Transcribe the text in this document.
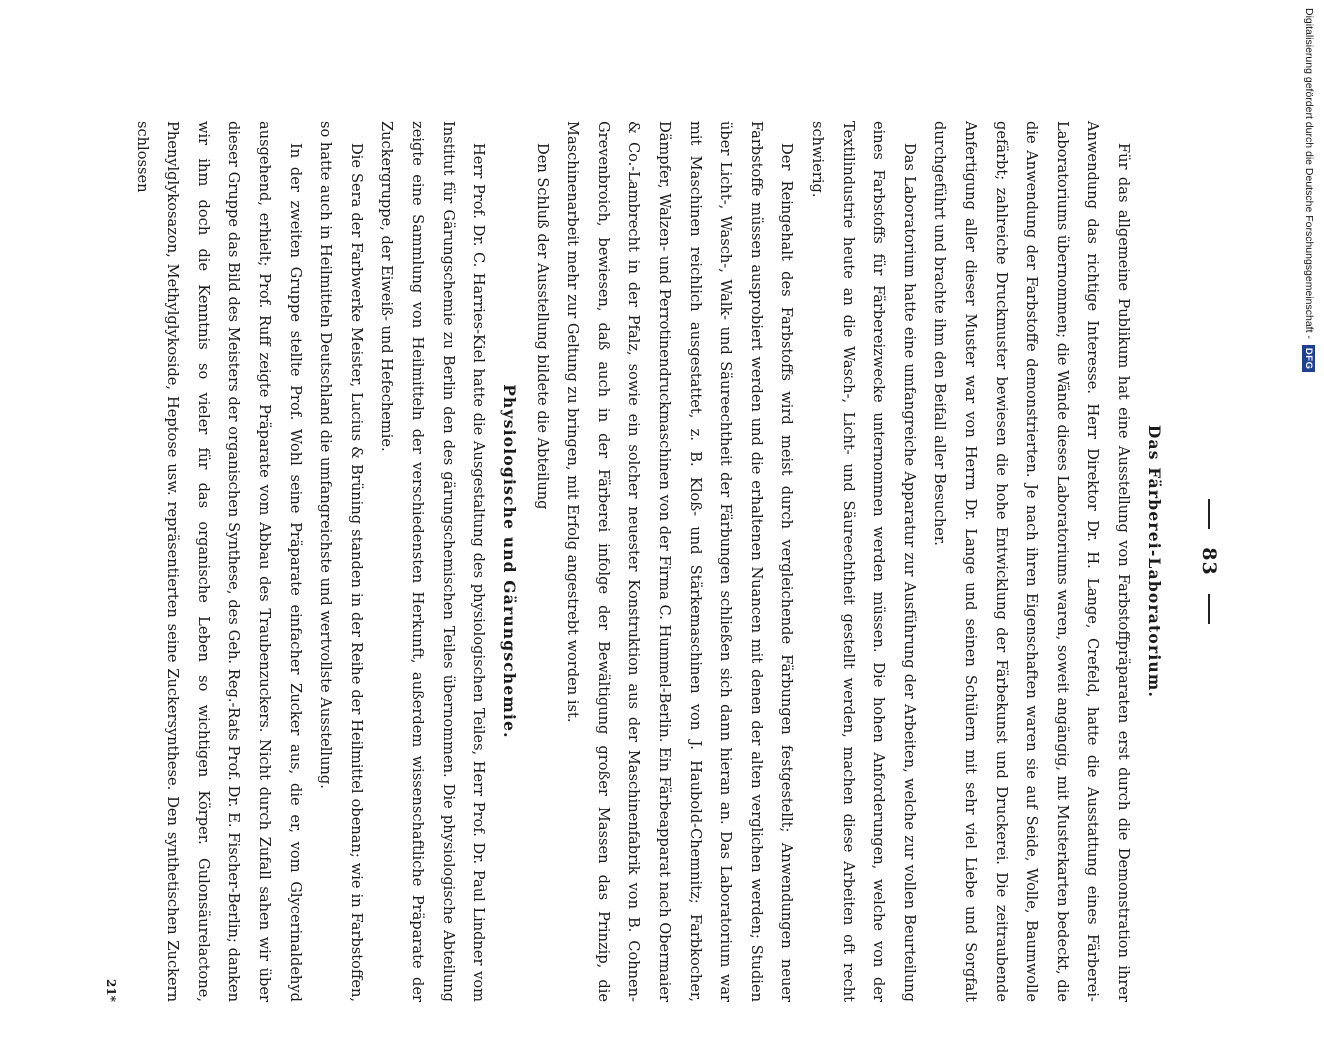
83
Das Färberei-Laboratorium.

Für das allgemeine Publikum hat eine Ausstellung von Farbstoffpräparaten erst durch die Demonstration ihrer Anwendung das richtige Interesse. Herr Direktor Dr. H. Lange, Crefeld, hatte die Ausstattung eines Färberei-Laboratoriums übernommen; die Wände dieses Laboratoriums waren, soweit angängig, mit Musterkarten bedeckt, die die Anwendung der Farbstoffe demonstrierten. Je nach ihren Eigenschaften waren sie auf Seide, Wolle, Baumwolle gefärbt; zahlreiche Druckmuster bewiesen die hohe Entwicklung der Färbekunst und Druckerei. Die zeitraubende Anfertigung aller dieser Muster war von Herrn Dr. Lange und seinen Schülern mit sehr viel Liebe und Sorgfalt durchgeführt und brachte ihm den Beifall aller Besucher.

Das Laboratorium hatte eine umfangreiche Apparatur zur Ausführung der Arbeiten, welche zur vollen Beurteilung eines Farbstoffs für Färbereizwecke unternommen werden müssen. Die hohen Anforderungen, welche von der Textilindustrie heute an die Wasch-, Licht- und Säureechtheit gestellt werden, machen diese Arbeiten oft recht schwierig.

Der Reingehalt des Farbstoffs wird meist durch vergleichende Färbungen festgestellt; Anwendungen neuer Farbstoffe müssen ausprobiert werden und die erhaltenen Nuancen mit denen der alten verglichen werden; Studien über Licht-, Wasch-, Walk- und Säureechtheit der Färbungen schließen sich dann hieran an. Das Laboratorium war mit Maschinen reichlich ausgestattet, z. B. Kloß- und Stärkemaschinen von J. Haubold-Chemnitz; Farbkocher, Dämpfer, Walzen- und Perrotinendruckmaschinen von der Firma C. Hummel-Berlin. Ein Färbeapparat nach Obermaier & Co.-Lambrecht in der Pfalz, sowie ein solcher neuester Konstruktion aus der Maschinenfabrik von B. Cohnen-Grevenbroich, bewiesen, daß auch in der Färberei infolge der Bewältigung großer Massen das Prinzip, die Maschinenarbeit mehr zur Geltung zu bringen, mit Erfolg angestrebt worden ist.

Den Schluß der Ausstellung bildete die Abteilung

Physiologische und Gärungschemie.

Herr Prof. Dr. C. Harries-Kiel hatte die Ausgestaltung des physiologischen Teiles, Herr Prof. Dr. Paul Lindner vom Institut für Gärungschemie zu Berlin den des gärungschemischen Teiles übernommen. Die physiologische Abteilung zeigte eine Sammlung von Heilmitteln der verschiedensten Herkunft, außerdem wissenschaftliche Präparate der Zuckergruppe, der Eiweiß- und Hefechemie.

Die Sera der Farbwerke Meister, Lucius & Brüning standen in der Reihe der Heilmittel obenan; wie in Farbstoffen, so hatte auch in Heilmitteln Deutschland die umfangreichste und wertvollste Ausstellung.

In der zweiten Gruppe stellte Prof. Wohl seine Präparate einfacher Zucker aus, die er, vom Glycerinaldehyd ausgehend, erhielt; Prof. Ruff zeigte Präparate vom Abbau des Traubenzuckers. Nicht durch Zufall sahen wir über dieser Gruppe das Bild des Meisters der organischen Synthese, des Geh. Reg.-Rats Prof. Dr. E. Fischer-Berlin; danken wir ihm doch die Kenntnis so vieler für das organische Leben so wichtigen Körper. Gulonsäurelactone, Phenylglykosazon, Methylglykoside, Heptose usw. repräsentierten seine Zuckersynthese. Den synthetischen Zuckern schlossen

21*
Digitalisierung gefördert durch die Deutsche Forschungsgemeinschaft -
DFG
